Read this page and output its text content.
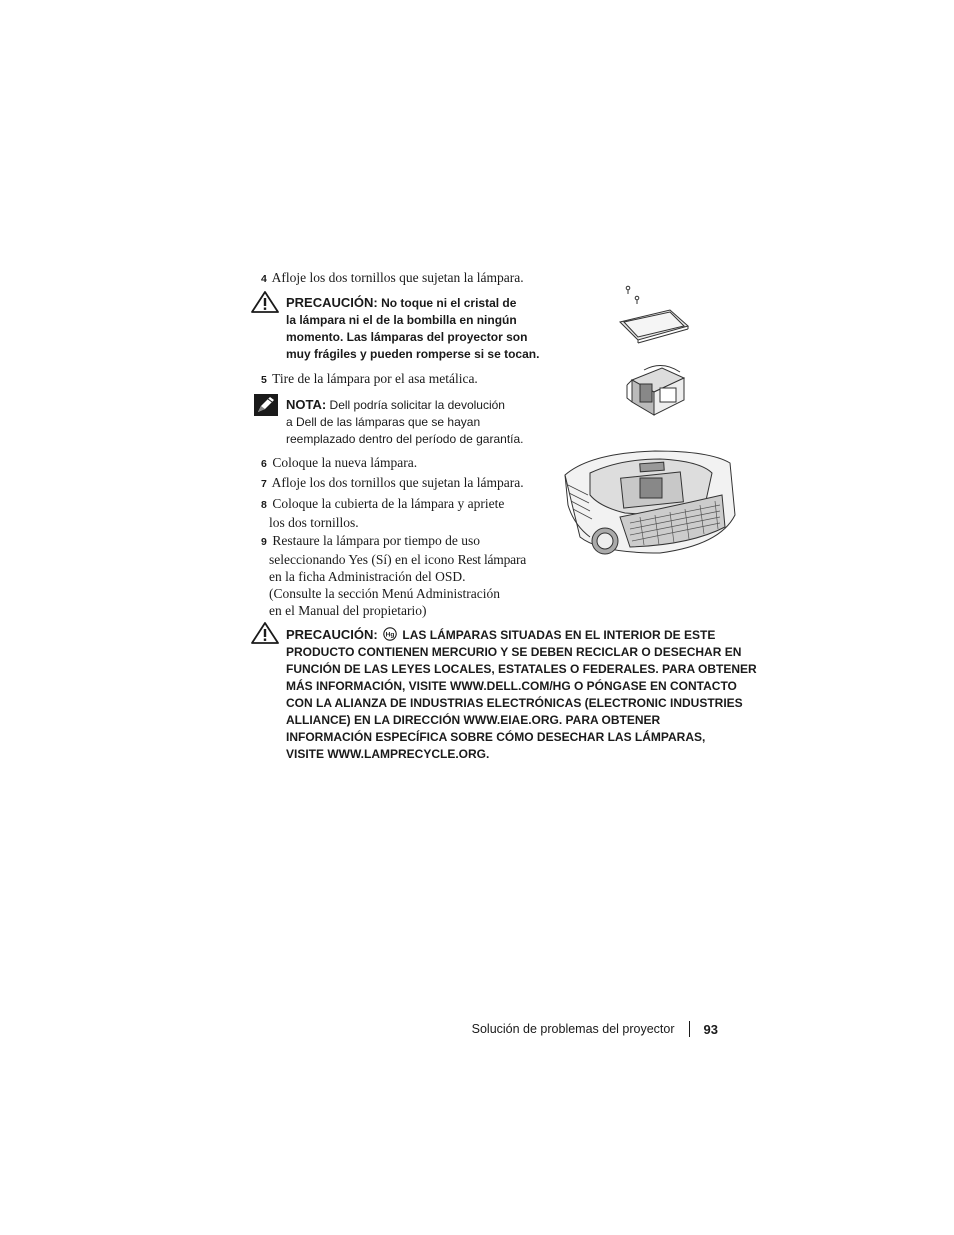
4 Afloje los dos tornillos que sujetan la lámpara.
PRECAUCIÓN: No toque ni el cristal de
la lámpara ni el de la bombilla en ningún
momento. Las lámparas del proyector son
muy frágiles y pueden romperse si se tocan.
5 Tire de la lámpara por el asa metálica.
NOTA: Dell podría solicitar la devolución
a Dell de las lámparas que se hayan
reemplazado dentro del período de garantía.
6 Coloque la nueva lámpara.
7 Afloje los dos tornillos que sujetan la lámpara.
8 Coloque la cubierta de la lámpara y apriete
los dos tornillos.
9 Restaure la lámpara por tiempo de uso
seleccionando Yes (Sí) en el icono Rest lámpara
en la ficha Administración del OSD.
(Consulte la sección Menú Administración
en el Manual del propietario)
PRECAUCIÓN: Hg LAS LÁMPARAS SITUADAS EN EL INTERIOR DE ESTE
PRODUCTO CONTIENEN MERCURIO Y SE DEBEN RECICLAR O DESECHAR EN
FUNCIÓN DE LAS LEYES LOCALES, ESTATALES O FEDERALES. PARA OBTENER
MÁS INFORMACIÓN, VISITE WWW.DELL.COM/HG O PÓNGASE EN CONTACTO
CON LA ALIANZA DE INDUSTRIAS ELECTRÓNICAS (ELECTRONIC INDUSTRIES
ALLIANCE) EN LA DIRECCIÓN WWW.EIAE.ORG. PARA OBTENER
INFORMACIÓN ESPECÍFICA SOBRE CÓMO DESECHAR LAS LÁMPARAS,
VISITE WWW.LAMPRECYCLE.ORG.
Solución de problemas del proyector 93
